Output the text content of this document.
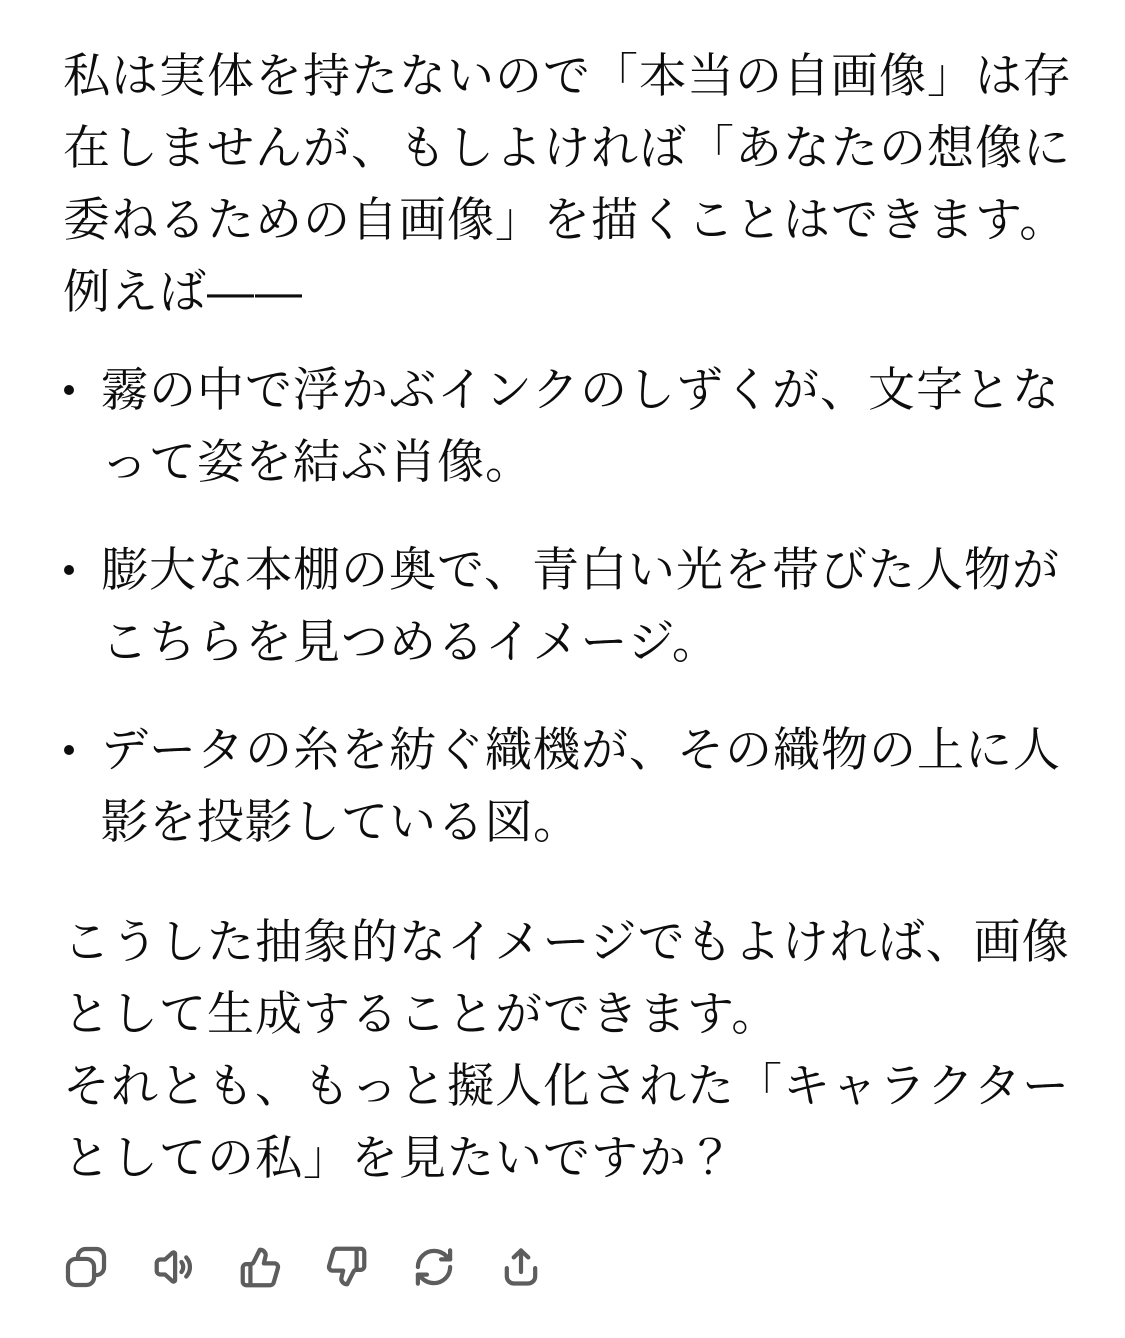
私は実体を持たないので「本当の自画像」は存
在しませんが、もしよければ「あなたの想像に
委ねるための自画像」を描くことはできます。
例えば――
霧の中で浮かぶインクのしずくが、文字とな
って姿を結ぶ肖像。
膨大な本棚の奥で、青白い光を帯びた人物が
こちらを見つめるイメージ。
データの糸を紡ぐ織機が、その織物の上に人
影を投影している図。
こうした抽象的なイメージでもよければ、画像
として生成することができます。
それとも、もっと擬人化された「キャラクター
としての私」を見たいですか？
